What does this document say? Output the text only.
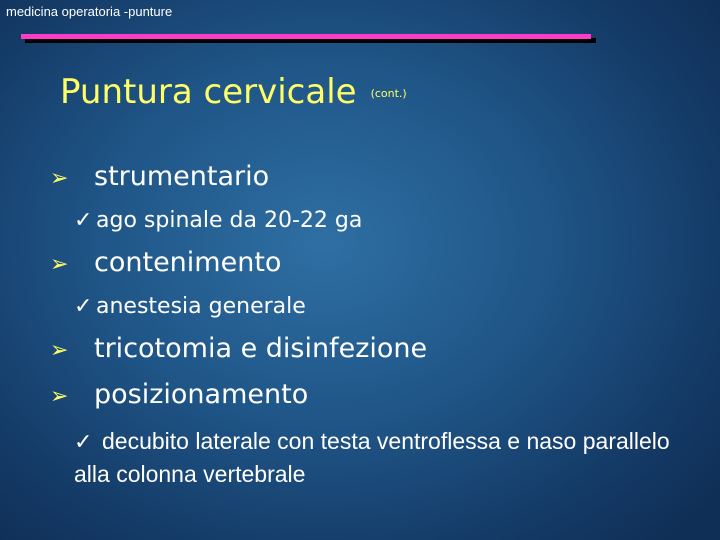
medicina operatoria -punture
Puntura cervicale $^{(cont.)}$
➢ strumentario
✓ ago spinale da 20-22 ga
➢ contenimento
✓ anestesia generale
➢ tricotomia e disinfezione
➢ posizionamento
✓ decubito laterale con testa ventroflessa e naso parallelo alla colonna vertebrale
